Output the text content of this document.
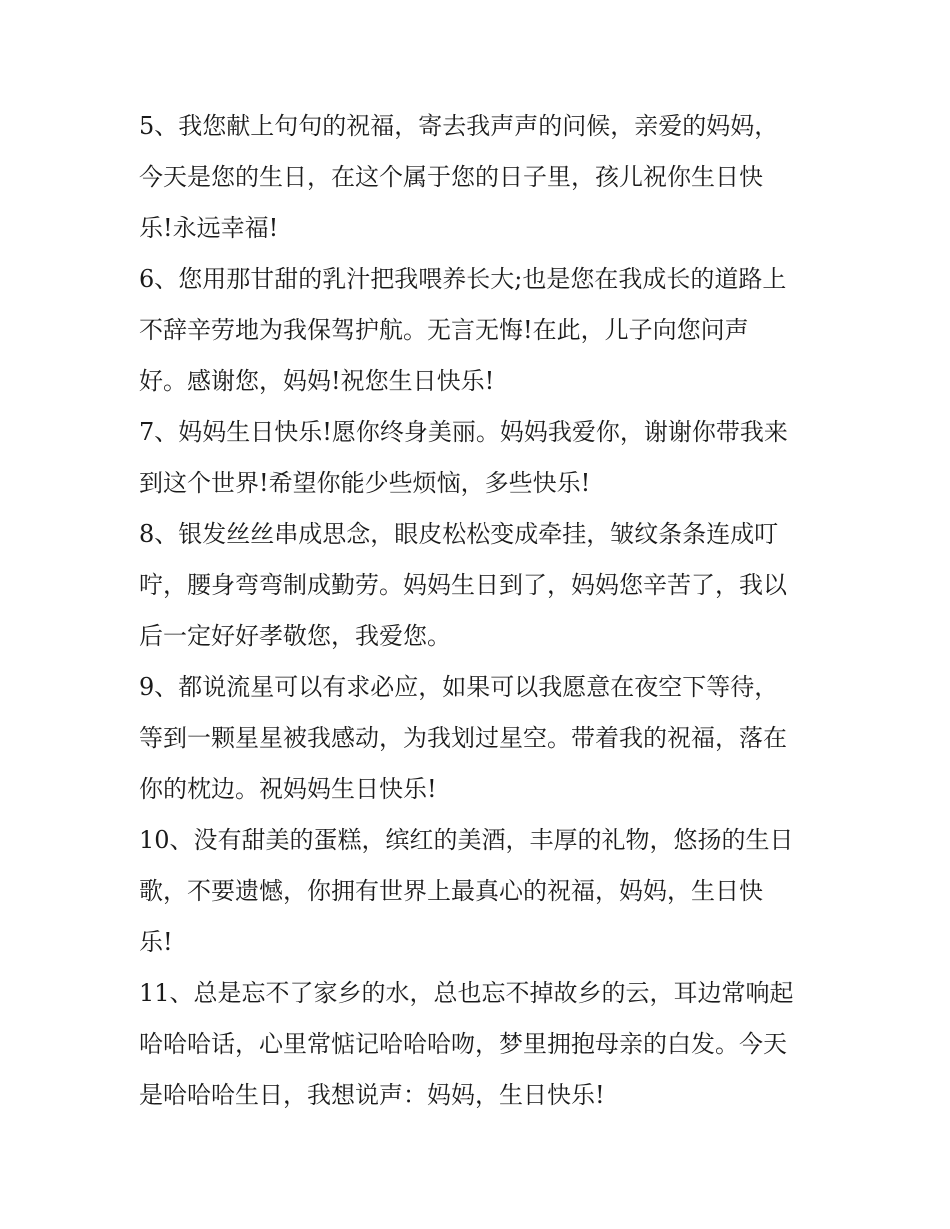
5、我您献上句句的祝福，寄去我声声的问候，亲爱的妈妈，
今天是您的生日，在这个属于您的日子里，孩儿祝你生日快
乐!永远幸福!
6、您用那甘甜的乳汁把我喂养长大;也是您在我成长的道路上
不辞辛劳地为我保驾护航。无言无悔!在此，儿子向您问声
好。感谢您，妈妈!祝您生日快乐!
7、妈妈生日快乐!愿你终身美丽。妈妈我爱你，谢谢你带我来
到这个世界!希望你能少些烦恼，多些快乐!
8、银发丝丝串成思念，眼皮松松变成牵挂，皱纹条条连成叮
咛，腰身弯弯制成勤劳。妈妈生日到了，妈妈您辛苦了，我以
后一定好好孝敬您，我爱您。
9、都说流星可以有求必应，如果可以我愿意在夜空下等待，
等到一颗星星被我感动，为我划过星空。带着我的祝福，落在
你的枕边。祝妈妈生日快乐!
10、没有甜美的蛋糕，缤红的美酒，丰厚的礼物，悠扬的生日
歌，不要遗憾，你拥有世界上最真心的祝福，妈妈，生日快
乐!
11、总是忘不了家乡的水，总也忘不掉故乡的云，耳边常响起
哈哈哈话，心里常惦记哈哈哈吻，梦里拥抱母亲的白发。今天
是哈哈哈生日，我想说声：妈妈，生日快乐!
